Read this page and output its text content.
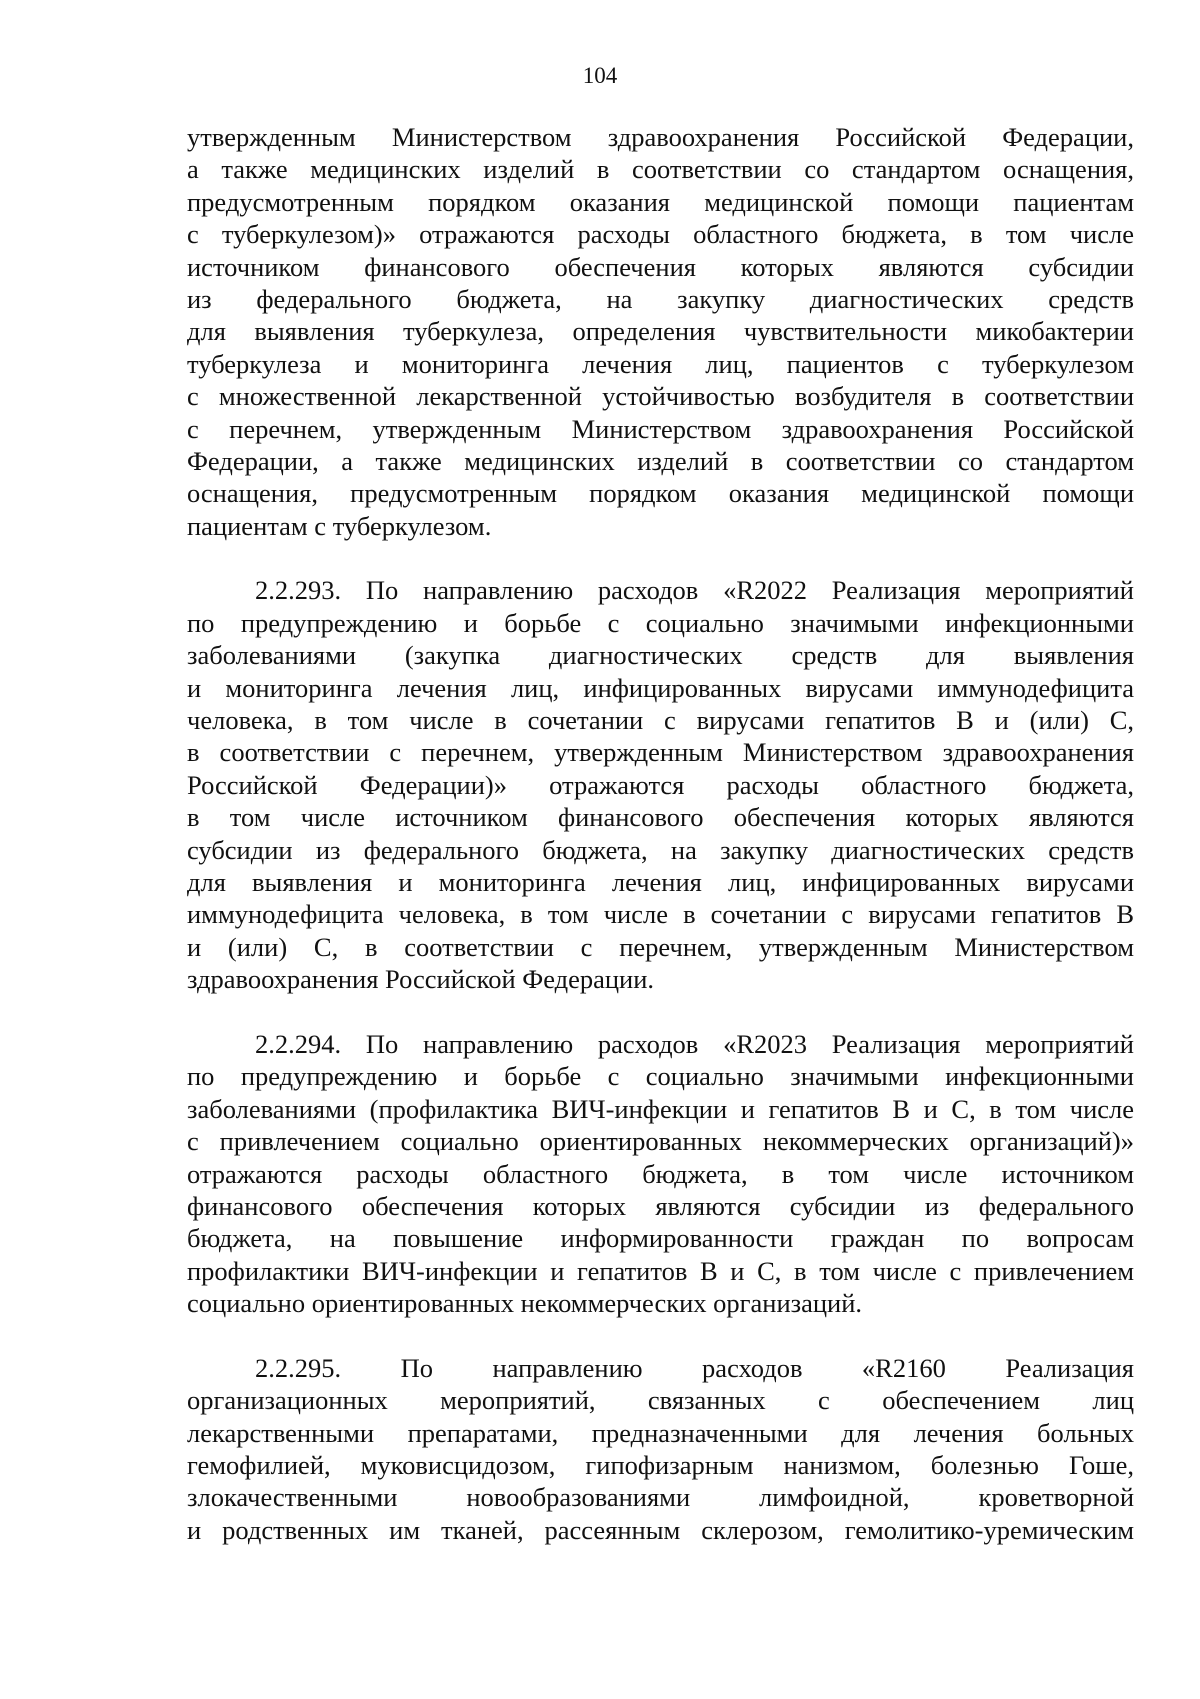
104
утвержденным Министерством здравоохранения Российской Федерации,
а также медицинских изделий в соответствии со стандартом оснащения,
предусмотренным порядком оказания медицинской помощи пациентам
с туберкулезом)» отражаются расходы областного бюджета, в том числе
источником финансового обеспечения которых являются субсидии
из федерального бюджета, на закупку диагностических средств
для выявления туберкулеза, определения чувствительности микобактерии
туберкулеза и мониторинга лечения лиц, пациентов с туберкулезом
с множественной лекарственной устойчивостью возбудителя в соответствии
с перечнем, утвержденным Министерством здравоохранения Российской
Федерации, а также медицинских изделий в соответствии со стандартом
оснащения, предусмотренным порядком оказания медицинской помощи
пациентам с туберкулезом.
2.2.293. По направлению расходов «R2022 Реализация мероприятий
по предупреждению и борьбе с социально значимыми инфекционными
заболеваниями (закупка диагностических средств для выявления
и мониторинга лечения лиц, инфицированных вирусами иммунодефицита
человека, в том числе в сочетании с вирусами гепатитов B и (или) C,
в соответствии с перечнем, утвержденным Министерством здравоохранения
Российской Федерации)» отражаются расходы областного бюджета,
в том числе источником финансового обеспечения которых являются
субсидии из федерального бюджета, на закупку диагностических средств
для выявления и мониторинга лечения лиц, инфицированных вирусами
иммунодефицита человека, в том числе в сочетании с вирусами гепатитов B
и (или) C, в соответствии с перечнем, утвержденным Министерством
здравоохранения Российской Федерации.
2.2.294. По направлению расходов «R2023 Реализация мероприятий
по предупреждению и борьбе с социально значимыми инфекционными
заболеваниями (профилактика ВИЧ-инфекции и гепатитов B и C, в том числе
с привлечением социально ориентированных некоммерческих организаций)»
отражаются расходы областного бюджета, в том числе источником
финансового обеспечения которых являются субсидии из федерального
бюджета, на повышение информированности граждан по вопросам
профилактики ВИЧ-инфекции и гепатитов B и C, в том числе с привлечением
социально ориентированных некоммерческих организаций.
2.2.295. По направлению расходов «R2160 Реализация
организационных мероприятий, связанных с обеспечением лиц
лекарственными препаратами, предназначенными для лечения больных
гемофилией, муковисцидозом, гипофизарным нанизмом, болезнью Гоше,
злокачественными новообразованиями лимфоидной, кроветворной
и родственных им тканей, рассеянным склерозом, гемолитико-уремическим
